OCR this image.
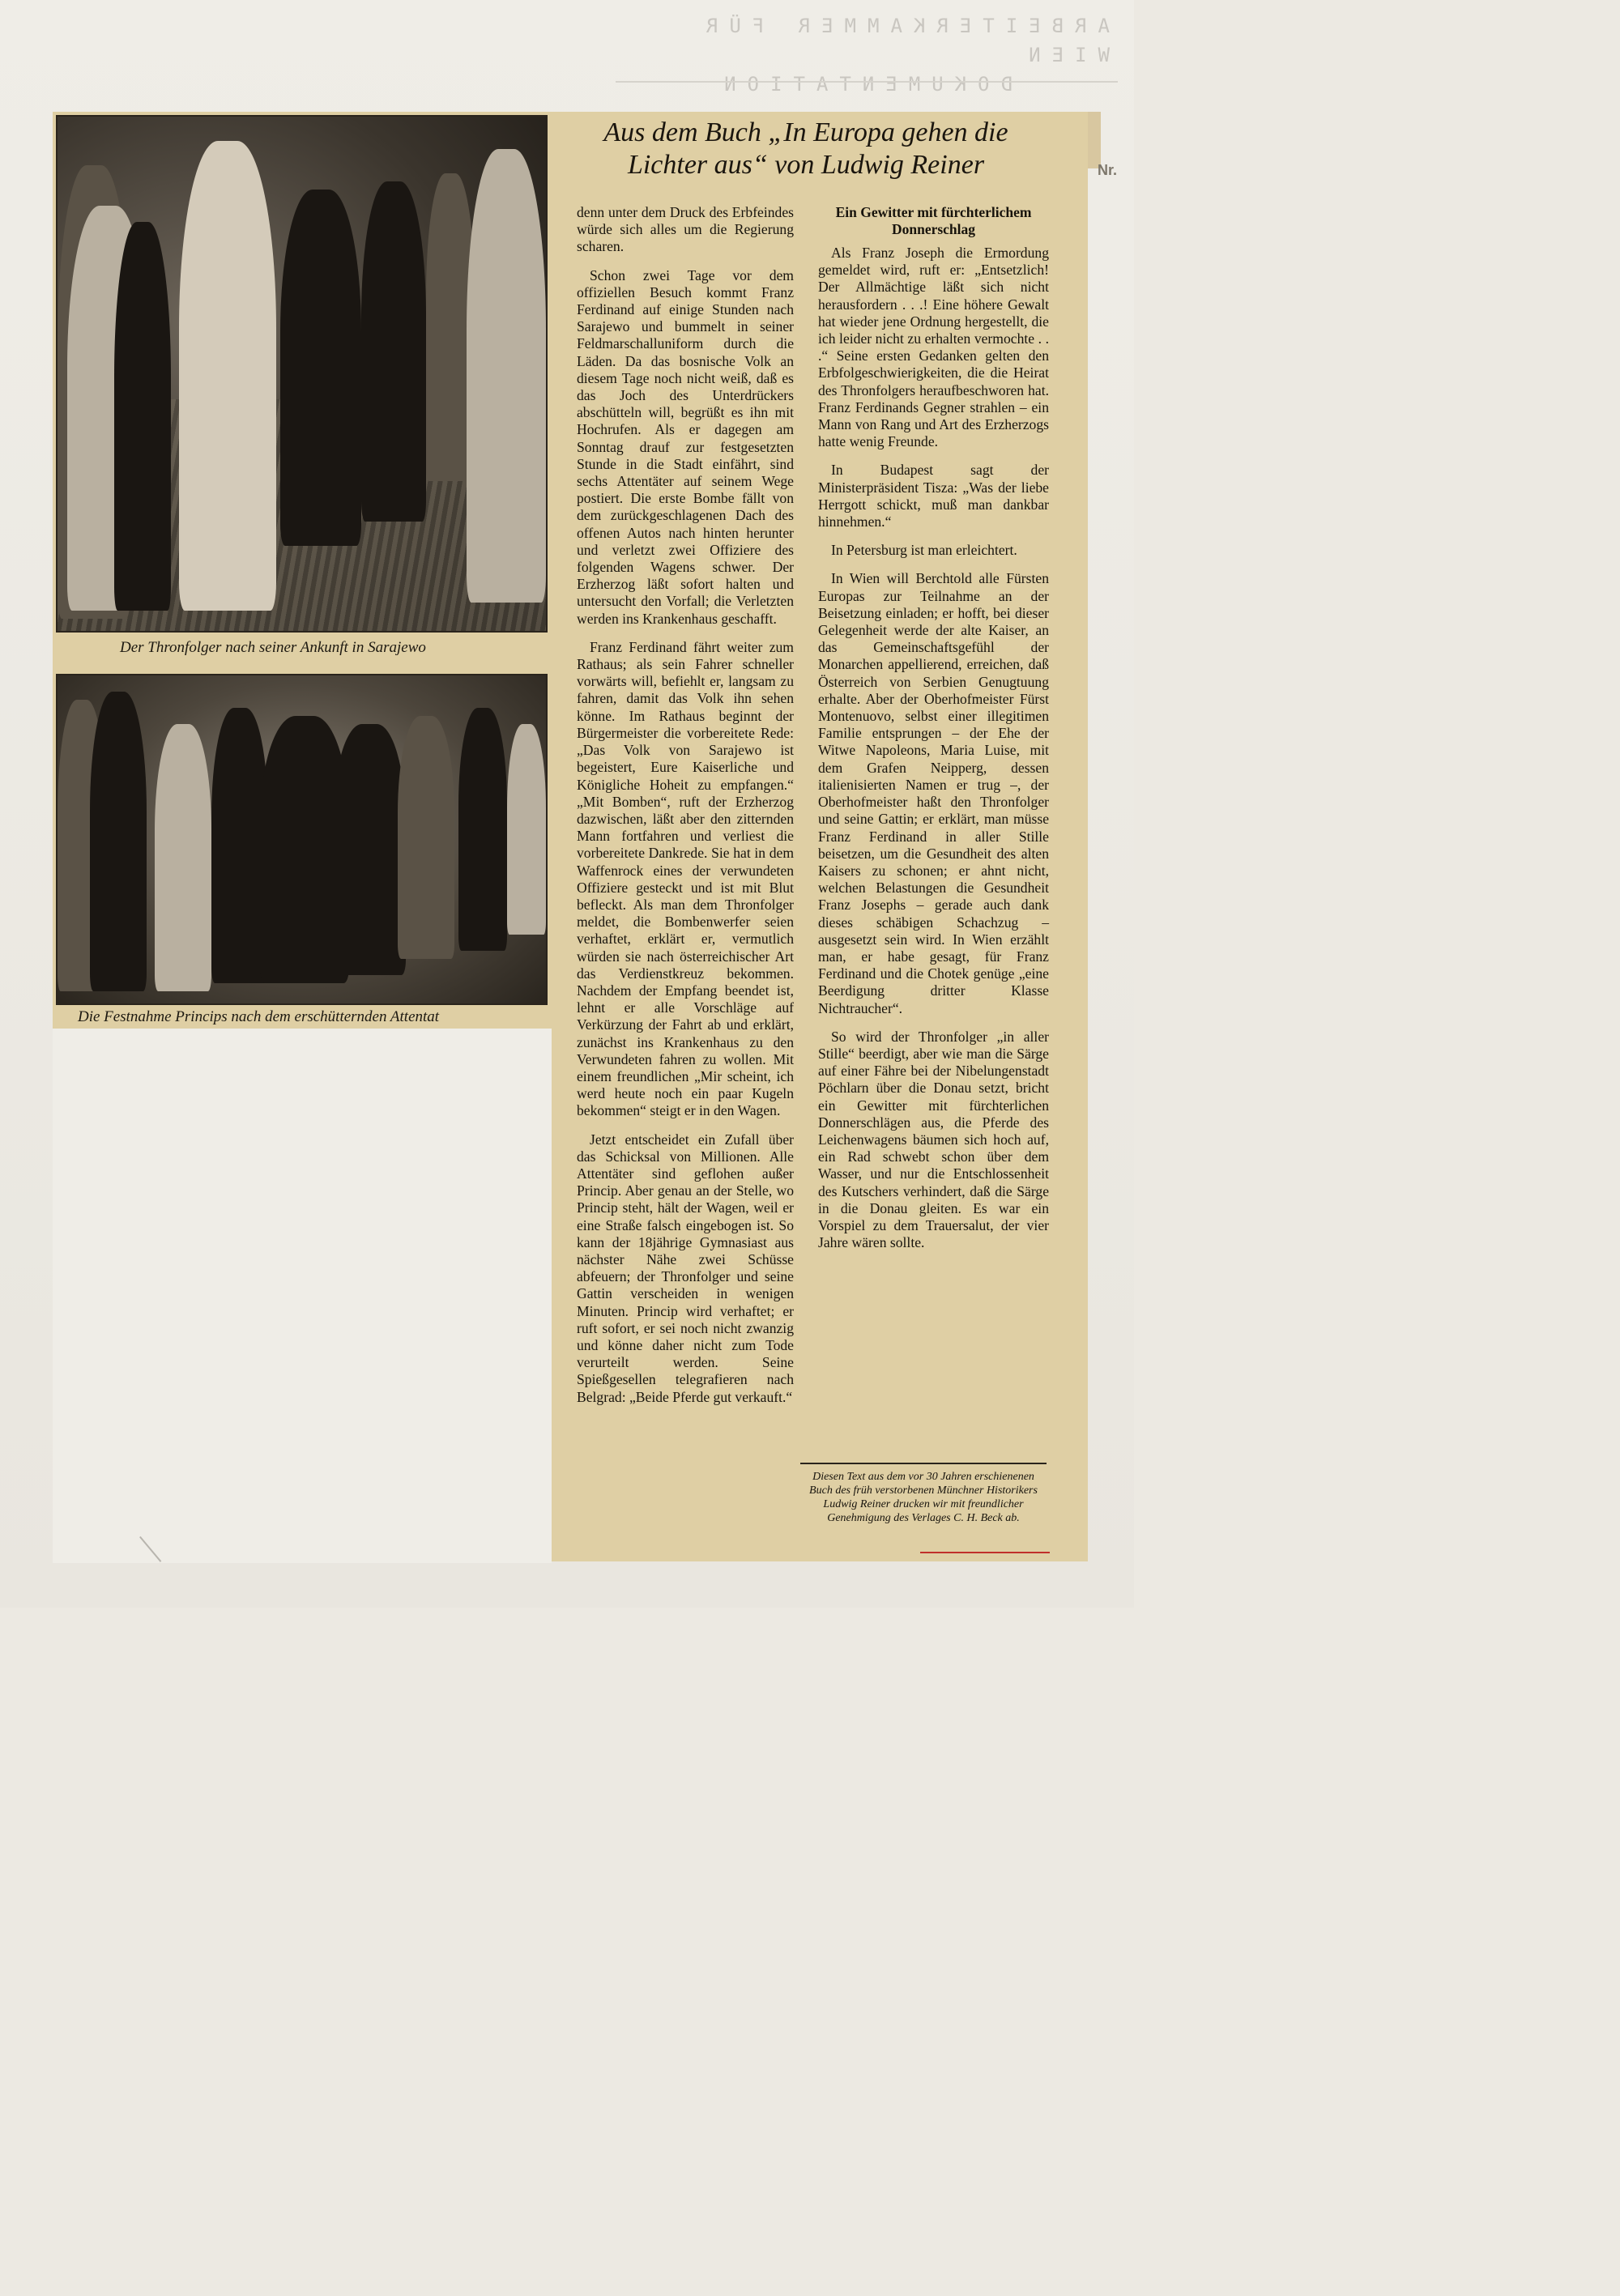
ARBEITERKAMMER FÜR WIEN
DOKUMENTATION
Nr.
Der Thronfolger nach seiner Ankunft in Sarajewo
Die Festnahme Princips nach dem erschütternden Attentat
Aus dem Buch „In Europa gehen die
Lichter aus“ von Ludwig Reiner

denn unter dem Druck des Erbfeindes würde sich alles um die Regierung scharen.

Schon zwei Tage vor dem offiziellen Besuch kommt Franz Ferdinand auf einige Stunden nach Sarajewo und bummelt in seiner Feldmarschalluniform durch die Läden. Da das bosnische Volk an diesem Tage noch nicht weiß, daß es das Joch des Unterdrückers abschütteln will, begrüßt es ihn mit Hochrufen. Als er dagegen am Sonntag drauf zur festgesetzten Stunde in die Stadt einfährt, sind sechs Attentäter auf seinem Wege postiert. Die erste Bombe fällt von dem zurückgeschlagenen Dach des offenen Autos nach hinten herunter und verletzt zwei Offiziere des folgenden Wagens schwer. Der Erzherzog läßt sofort halten und untersucht den Vorfall; die Verletzten werden ins Krankenhaus geschafft.

Franz Ferdinand fährt weiter zum Rathaus; als sein Fahrer schneller vorwärts will, befiehlt er, langsam zu fahren, damit das Volk ihn sehen könne. Im Rathaus beginnt der Bürgermeister die vorbereitete Rede: „Das Volk von Sarajewo ist begeistert, Eure Kaiserliche und Königliche Hoheit zu empfangen.“ „Mit Bomben“, ruft der Erzherzog dazwischen, läßt aber den zitternden Mann fortfahren und verliest die vorbereitete Dankrede. Sie hat in dem Waffenrock eines der verwundeten Offiziere gesteckt und ist mit Blut befleckt. Als man dem Thronfolger meldet, die Bombenwerfer seien verhaftet, erklärt er, vermutlich würden sie nach österreichischer Art das Verdienstkreuz bekommen. Nachdem der Empfang beendet ist, lehnt er alle Vorschläge auf Verkürzung der Fahrt ab und erklärt, zunächst ins Krankenhaus zu den Verwundeten fahren zu wollen. Mit einem freundlichen „Mir scheint, ich werd heute noch ein paar Kugeln bekommen“ steigt er in den Wagen.

Jetzt entscheidet ein Zufall über das Schicksal von Millionen. Alle Attentäter sind geflohen außer Princip. Aber genau an der Stelle, wo Princip steht, hält der Wagen, weil er eine Straße falsch eingebogen ist. So kann der 18jährige Gymnasiast aus nächster Nähe zwei Schüsse abfeuern; der Thronfolger und seine Gattin verscheiden in wenigen Minuten. Princip wird verhaftet; er ruft sofort, er sei noch nicht zwanzig und könne daher nicht zum Tode verurteilt werden. Seine Spießgesellen telegrafieren nach Belgrad: „Beide Pferde gut verkauft.“

Ein Gewitter mit fürchterlichem Donnerschlag

Als Franz Joseph die Ermordung gemeldet wird, ruft er: „Entsetzlich! Der Allmächtige läßt sich nicht herausfordern . . .! Eine höhere Gewalt hat wieder jene Ordnung hergestellt, die ich leider nicht zu erhalten vermochte . . .“ Seine ersten Gedanken gelten den Erbfolgeschwierigkeiten, die die Heirat des Thronfolgers heraufbeschworen hat. Franz Ferdinands Gegner strahlen – ein Mann von Rang und Art des Erzherzogs hatte wenig Freunde.

In Budapest sagt der Ministerpräsident Tisza: „Was der liebe Herrgott schickt, muß man dankbar hinnehmen.“

In Petersburg ist man erleichtert.

In Wien will Berchtold alle Fürsten Europas zur Teilnahme an der Beisetzung einladen; er hofft, bei dieser Gelegenheit werde der alte Kaiser, an das Gemeinschaftsgefühl der Monarchen appellierend, erreichen, daß Österreich von Serbien Genugtuung erhalte. Aber der Oberhofmeister Fürst Montenuovo, selbst einer illegitimen Familie entsprungen – der Ehe der Witwe Napoleons, Maria Luise, mit dem Grafen Neipperg, dessen italienisierten Namen er trug –, der Oberhofmeister haßt den Thronfolger und seine Gattin; er erklärt, man müsse Franz Ferdinand in aller Stille beisetzen, um die Gesundheit des alten Kaisers zu schonen; er ahnt nicht, welchen Belastungen die Gesundheit Franz Josephs – gerade auch dank dieses schäbigen Schachzug – ausgesetzt sein wird. In Wien erzählt man, er habe gesagt, für Franz Ferdinand und die Chotek genüge „eine Beerdigung dritter Klasse Nichtraucher“.

So wird der Thronfolger „in aller Stille“ beerdigt, aber wie man die Särge auf einer Fähre bei der Nibelungenstadt Pöchlarn über die Donau setzt, bricht ein Gewitter mit fürchterlichen Donnerschlägen aus, die Pferde des Leichenwagens bäumen sich hoch auf, ein Rad schwebt schon über dem Wasser, und nur die Entschlossenheit des Kutschers verhindert, daß die Särge in die Donau gleiten. Es war ein Vorspiel zu dem Trauersalut, der vier Jahre wären sollte.

Diesen Text aus dem vor 30 Jahren erschienenen Buch des früh verstorbenen Münchner Historikers Ludwig Reiner drucken wir mit freundlicher Genehmigung des Verlages C. H. Beck ab.
